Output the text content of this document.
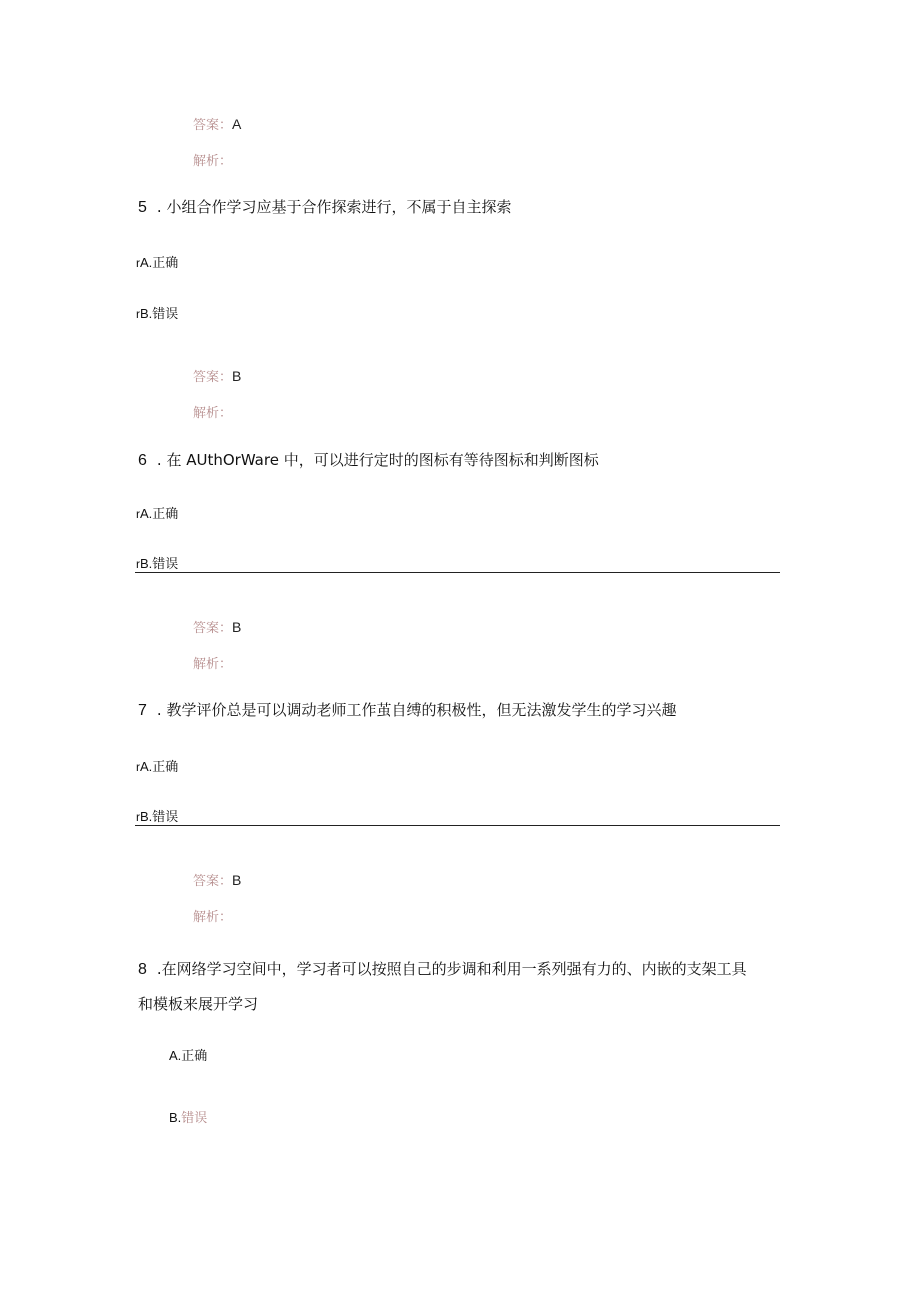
答案：A
解析：
5 . 小组合作学习应基于合作探索进行，不属于自主探索
rA.正确
rB.错误
答案：B
解析：
6 . 在 AUthOrWare 中，可以进行定时的图标有等待图标和判断图标
rA.正确
rB.错误
答案：B
解析：
7 . 教学评价总是可以调动老师工作茧自缚的积极性，但无法激发学生的学习兴趣
rA.正确
rB.错误
答案：B
解析：
8 .在网络学习空间中，学习者可以按照自己的步调和利用一系列强有力的、内嵌的支架工具
和模板来展开学习
A.正确
B.错误
